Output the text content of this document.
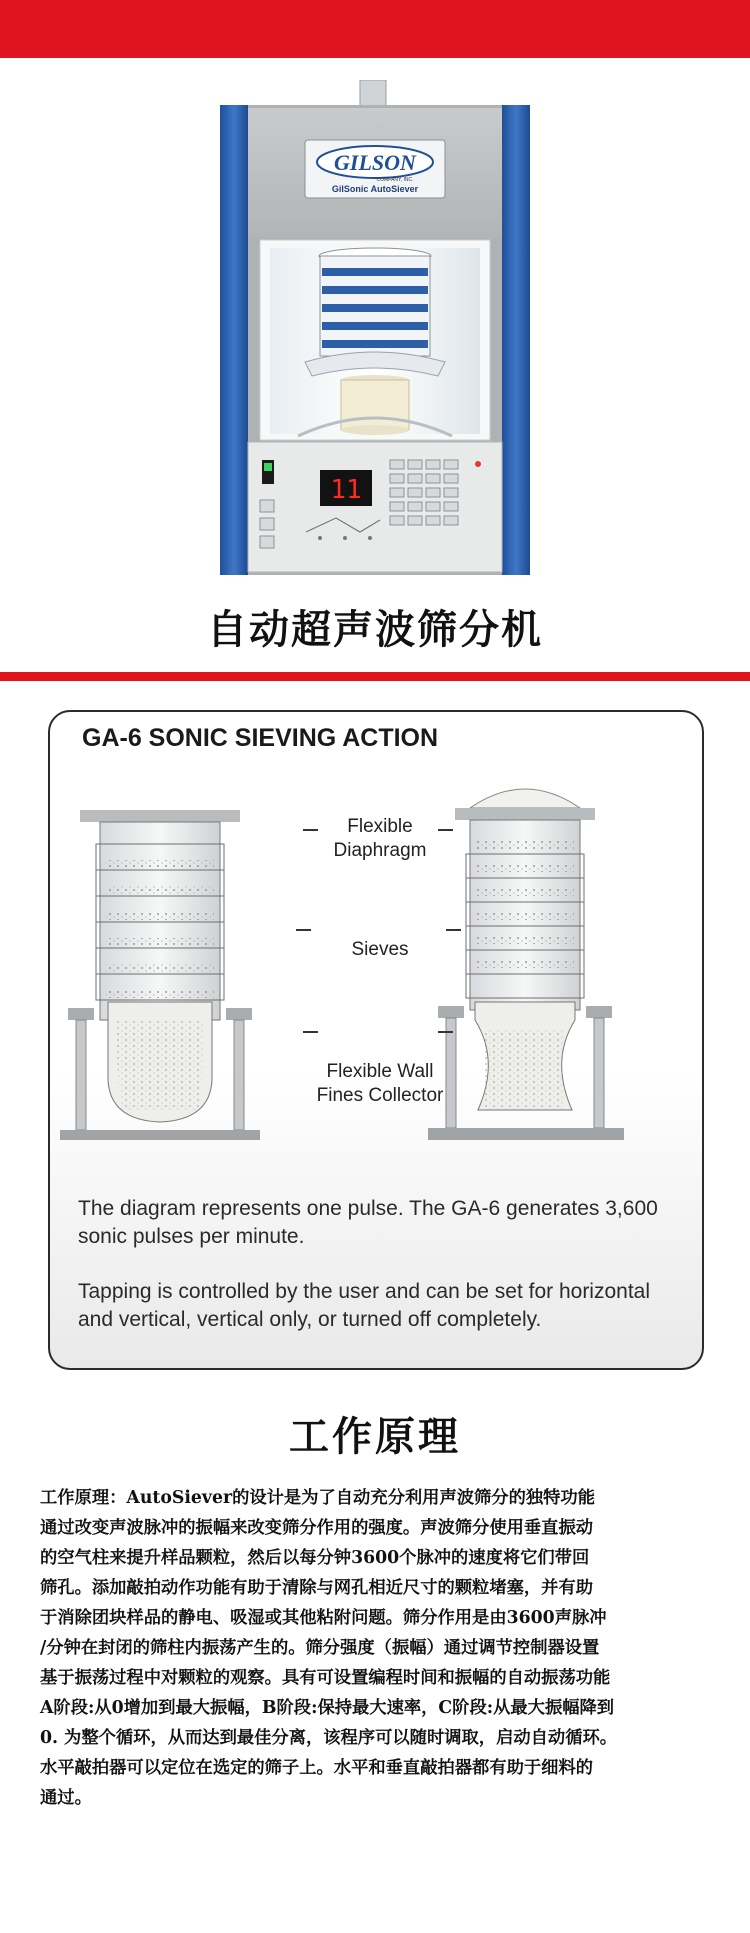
GILSON
COMPANY, INC.
GilSonic AutoSiever
11
自动超声波筛分机
GA-6 SONIC SIEVING ACTION
Flexible
Diaphragm
Sieves
Flexible Wall
Fines Collector
The diagram represents one pulse. The GA-6 generates 3,600 sonic pulses per minute.
Tapping is controlled by the user and can be set for horizontal and vertical, vertical only, or turned off completely.
工作原理
工作原理：AutoSiever的设计是为了自动充分利用声波筛分的独特功能
通过改变声波脉冲的振幅来改变筛分作用的强度。声波筛分使用垂直振动
的空气柱来提升样品颗粒，然后以每分钟3600个脉冲的速度将它们带回
筛孔。添加敲拍动作功能有助于清除与网孔相近尺寸的颗粒堵塞，并有助
于消除团块样品的静电、吸湿或其他粘附问题。筛分作用是由3600声脉冲
/分钟在封闭的筛柱内振荡产生的。筛分强度（振幅）通过调节控制器设置
基于振荡过程中对颗粒的观察。具有可设置编程时间和振幅的自动振荡功能
A阶段:从0增加到最大振幅，B阶段:保持最大速率，C阶段:从最大振幅降到
0. 为整个循环，从而达到最佳分离，该程序可以随时调取，启动自动循环。
水平敲拍器可以定位在选定的筛子上。水平和垂直敲拍器都有助于细料的
通过。
